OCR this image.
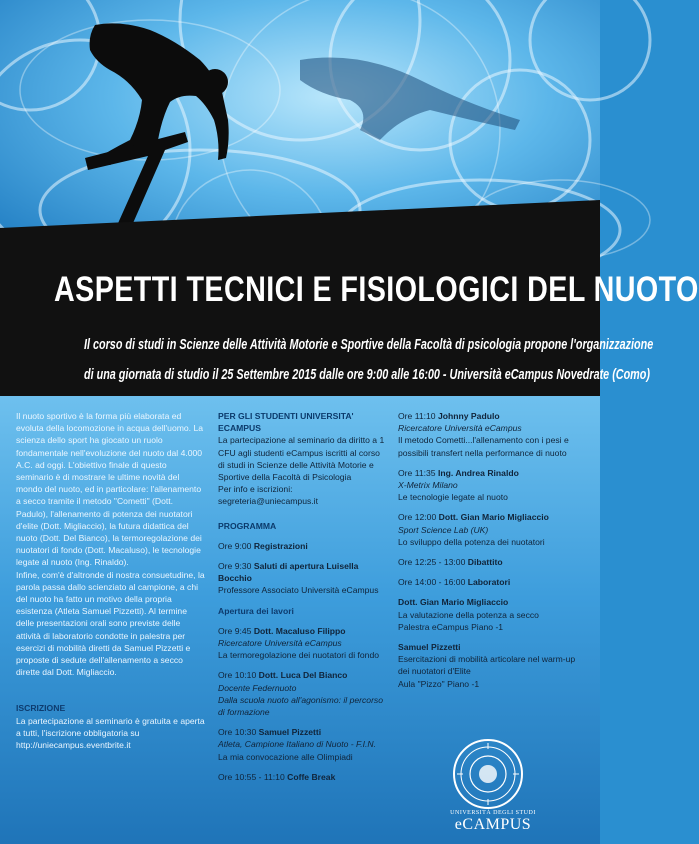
ASPETTI TECNICI E FISIOLOGICI DEL NUOTO
Il corso di studi in Scienze delle Attività Motorie e Sportive della Facoltà di psicologia propone l'organizzazione
di una giornata di studio il 25 Settembre 2015 dalle ore 9:00 alle 16:00 - Università eCampus Novedrate (Como)

Il nuoto sportivo è la forma più elaborata ed evoluta della locomozione in acqua dell'uomo. La scienza dello sport ha giocato un ruolo fondamentale nell'evoluzione del nuoto dal 4.000 A.C. ad oggi. L'obiettivo finale di questo seminario è di mostrare le ultime novità del mondo del nuoto, ed in particolare: l'allenamento a secco tramite il metodo "Cometti" (Dott. Padulo), l'allenamento di potenza dei nuotatori d'elite (Dott. Migliaccio), la futura didattica del nuoto (Dott. Del Bianco), la termoregolazione dei nuotatori di fondo (Dott. Macaluso), le tecnologie legate al nuoto (Ing. Rinaldo).

Infine, com'è d'altronde di nostra consuetudine, la parola passa dallo scienziato al campione, a chi del nuoto ha fatto un motivo della propria esistenza (Atleta Samuel Pizzetti). Al termine delle presentazioni orali sono previste delle attività di laboratorio condotte in palestra per esercizi di mobilità diretti da Samuel Pizzetti e proposte di sedute dell'allenamento a secco dirette dal Dott. Migliaccio.

ISCRIZIONE

La partecipazione al seminario è gratuita e aperta a tutti, l'iscrizione obbligatoria su

http://uniecampus.eventbrite.it

PER GLI STUDENTI UNIVERSITA' ECAMPUS

La partecipazione al seminario da diritto a 1 CFU agli studenti eCampus iscritti al corso di studi in Scienze delle Attività Motorie e Sportive della Facoltà di Psicologia

Per info e iscrizioni: segreteria@uniecampus.it

PROGRAMMA

Ore 9:00 Registrazioni

Ore 9:30 Saluti di apertura Luisella Bocchio

Professore Associato Università eCampus

Apertura dei lavori

Ore 9:45 Dott. Macaluso Filippo

Ricercatore Università eCampus

La termoregolazione dei nuotatori di fondo

Ore 10:10 Dott. Luca Del Bianco

Docente Federnuoto

Dalla scuola nuoto all'agonismo: il percorso di formazione

Ore 10:30 Samuel Pizzetti

Atleta, Campione Italiano di Nuoto - F.I.N.

La mia convocazione alle Olimpiadi

Ore 10:55 - 11:10 Coffe Break

Ore 11:10 Johnny Padulo

Ricercatore Università eCampus

Il metodo Cometti...l'allenamento con i pesi e possibili transfert nella performance di nuoto

Ore 11:35 Ing. Andrea Rinaldo

X-Metrix Milano

Le tecnologie legate al nuoto

Ore 12:00 Dott. Gian Mario Migliaccio

Sport Science Lab (UK)

Lo sviluppo della potenza dei nuotatori

Ore 12:25 - 13:00 Dibattito

Ore 14:00 - 16:00 Laboratori

Dott. Gian Mario Migliaccio

La valutazione della potenza a secco

Palestra eCampus Piano -1

Samuel Pizzetti

Esercitazioni di mobilità articolare nel warm-up dei nuotatori d'Elite

Aula "Pizzo" Piano -1

UNIVERSITÀ DEGLI STUDI
eCAMPUS
